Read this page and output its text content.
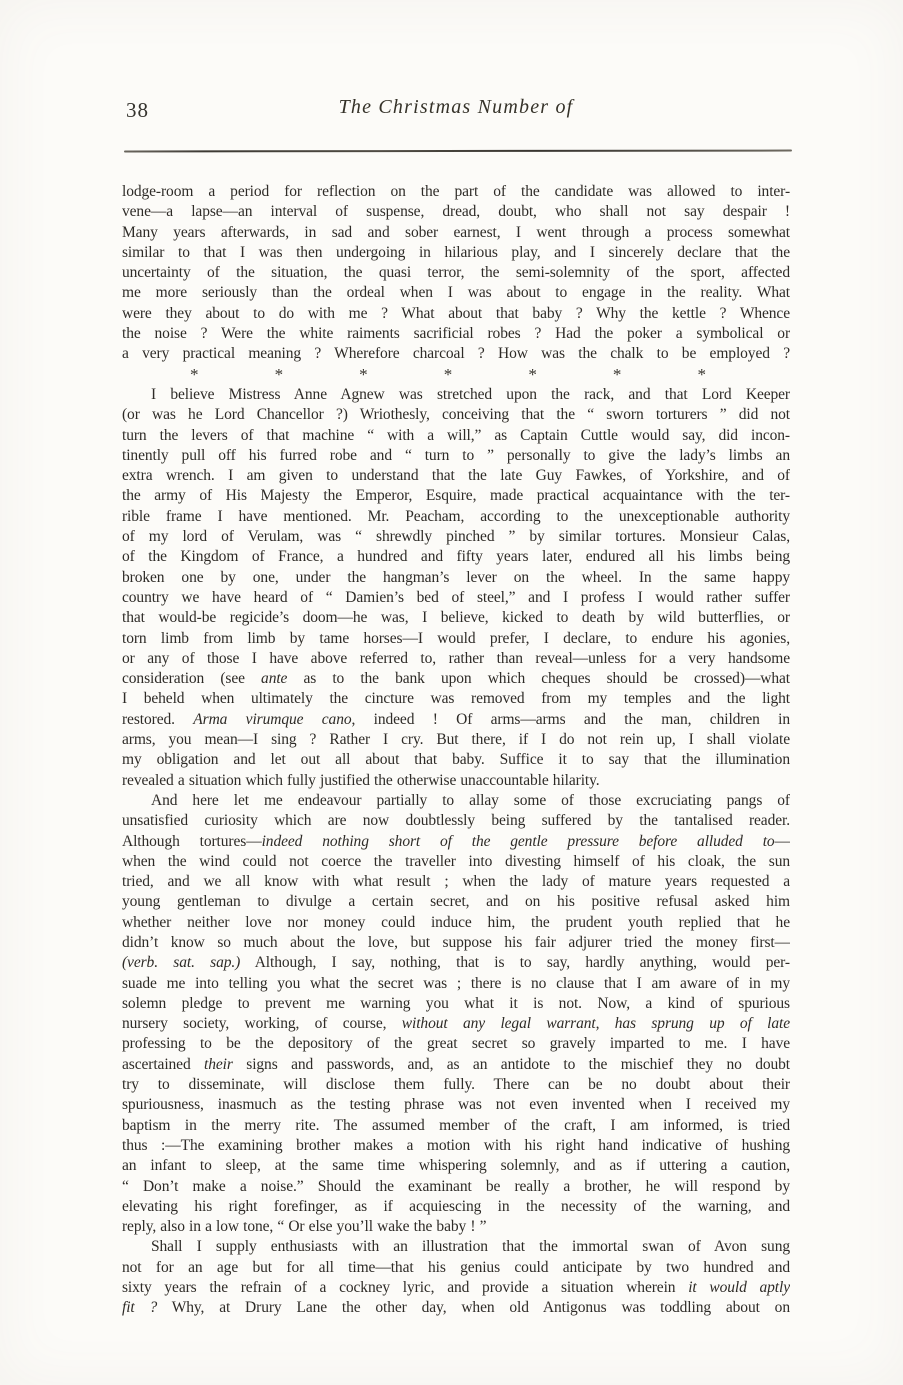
38	The Christmas Number of
lodge-room a period for reflection on the part of the candidate was allowed to inter-
vene—a lapse—an interval of suspense, dread, doubt, who shall not say despair !
Many years afterwards, in sad and sober earnest, I went through a process somewhat
similar to that I was then undergoing in hilarious play, and I sincerely declare that the
uncertainty of the situation, the quasi terror, the semi-solemnity of the sport, affected
me more seriously than the ordeal when I was about to engage in the reality. What
were they about to do with me ? What about that baby ? Why the kettle ? Whence
the noise ? Were the white raiments sacrificial robes ? Had the poker a symbolical or
a very practical meaning ? Wherefore charcoal ? How was the chalk to be employed ?
*	*	*	*	*	*	*
I believe Mistress Anne Agnew was stretched upon the rack, and that Lord Keeper
(or was he Lord Chancellor ?) Wriothesly, conceiving that the “ sworn torturers ” did not
turn the levers of that machine “ with a will,” as Captain Cuttle would say, did incon-
tinently pull off his furred robe and “ turn to ” personally to give the lady’s limbs an
extra wrench. I am given to understand that the late Guy Fawkes, of Yorkshire, and of
the army of His Majesty the Emperor, Esquire, made practical acquaintance with the ter-
rible frame I have mentioned. Mr. Peacham, according to the unexceptionable authority
of my lord of Verulam, was “ shrewdly pinched ” by similar tortures. Monsieur Calas,
of the Kingdom of France, a hundred and fifty years later, endured all his limbs being
broken one by one, under the hangman’s lever on the wheel. In the same happy
country we have heard of “ Damien’s bed of steel,” and I profess I would rather suffer
that would-be regicide’s doom—he was, I believe, kicked to death by wild butterflies, or
torn limb from limb by tame horses—I would prefer, I declare, to endure his agonies,
or any of those I have above referred to, rather than reveal—unless for a very handsome
consideration (see ante as to the bank upon which cheques should be crossed)—what
I beheld when ultimately the cincture was removed from my temples and the light
restored. Arma virumque cano, indeed ! Of arms—arms and the man, children in
arms, you mean—I sing ? Rather I cry. But there, if I do not rein up, I shall violate
my obligation and let out all about that baby. Suffice it to say that the illumination
revealed a situation which fully justified the otherwise unaccountable hilarity.
And here let me endeavour partially to allay some of those excruciating pangs of
unsatisfied curiosity which are now doubtlessly being suffered by the tantalised reader.
Although tortures—indeed nothing short of the gentle pressure before alluded to—
when the wind could not coerce the traveller into divesting himself of his cloak, the sun
tried, and we all know with what result ; when the lady of mature years requested a
young gentleman to divulge a certain secret, and on his positive refusal asked him
whether neither love nor money could induce him, the prudent youth replied that he
didn’t know so much about the love, but suppose his fair adjurer tried the money first—
(verb. sat. sap.) Although, I say, nothing, that is to say, hardly anything, would per-
suade me into telling you what the secret was ; there is no clause that I am aware of in my
solemn pledge to prevent me warning you what it is not. Now, a kind of spurious
nursery society, working, of course, without any legal warrant, has sprung up of late
professing to be the depository of the great secret so gravely imparted to me. I have
ascertained their signs and passwords, and, as an antidote to the mischief they no doubt
try to disseminate, will disclose them fully. There can be no doubt about their
spuriousness, inasmuch as the testing phrase was not even invented when I received my
baptism in the merry rite. The assumed member of the craft, I am informed, is tried
thus :—The examining brother makes a motion with his right hand indicative of hushing
an infant to sleep, at the same time whispering solemnly, and as if uttering a caution,
“ Don’t make a noise.” Should the examinant be really a brother, he will respond by
elevating his right forefinger, as if acquiescing in the necessity of the warning, and
reply, also in a low tone, “ Or else you’ll wake the baby ! ”
Shall I supply enthusiasts with an illustration that the immortal swan of Avon sung
not for an age but for all time—that his genius could anticipate by two hundred and
sixty years the refrain of a cockney lyric, and provide a situation wherein it would aptly
fit ? Why, at Drury Lane the other day, when old Antigonus was toddling about on
